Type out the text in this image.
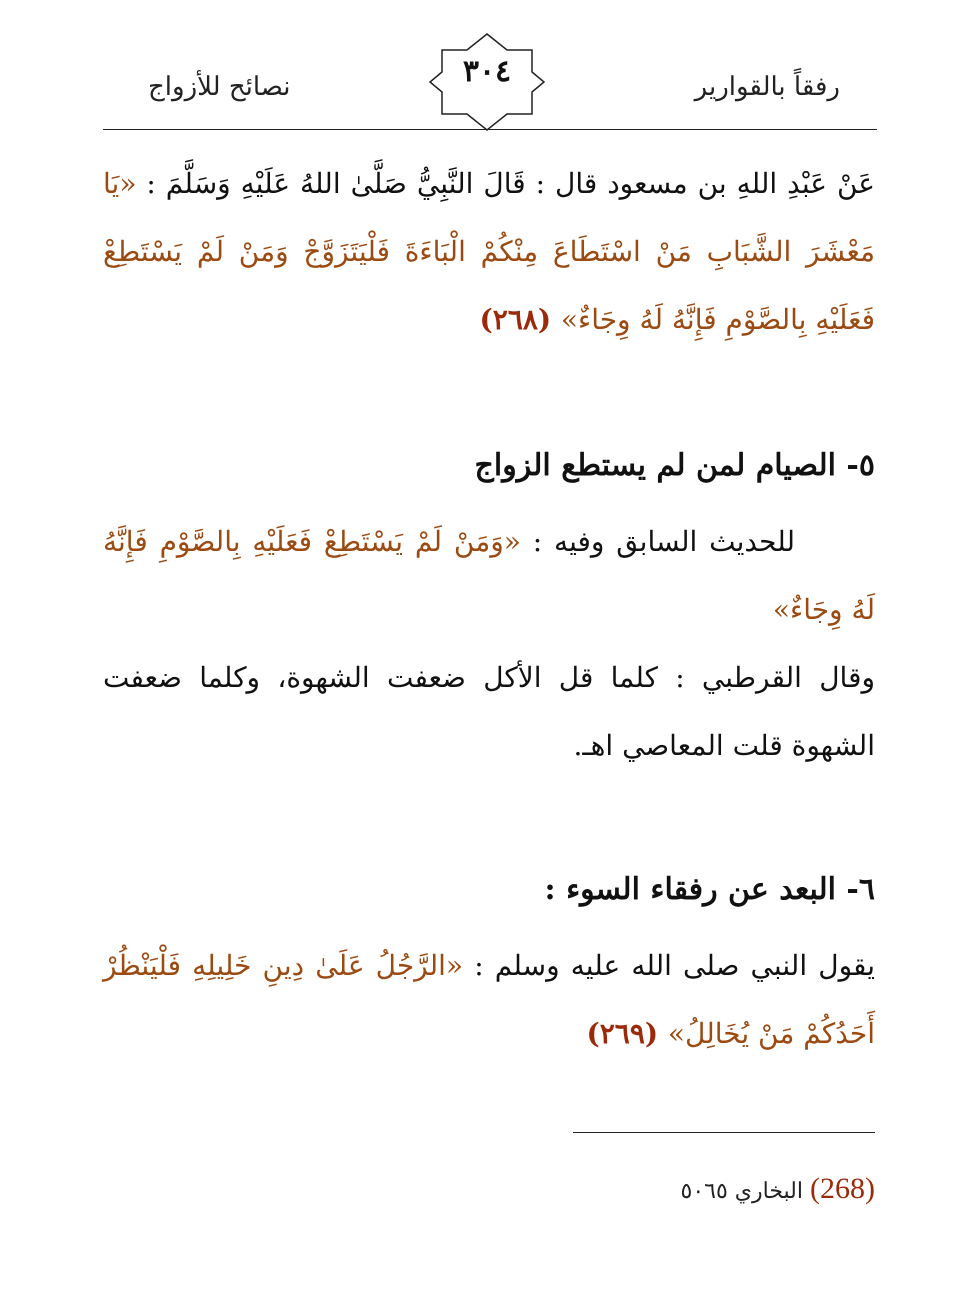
رفقاً بالقوارير
٣٠٤
نصائح للأزواج
عَنْ عَبْدِ اللهِ بن مسعود قال : قَالَ النَّبِيُّ صَلَّىٰ اللهُ عَلَيْهِ وَسَلَّمَ : «يَا مَعْشَرَ الشَّبَابِ مَنْ اسْتَطَاعَ مِنْكُمْ الْبَاءَةَ فَلْيَتَزَوَّجْ وَمَنْ لَمْ يَسْتَطِعْ فَعَلَيْهِ بِالصَّوْمِ فَإِنَّهُ لَهُ وِجَاءٌ» (٢٦٨)
٥- الصيام لمن لم يستطع الزواج
للحديث السابق وفيه : «وَمَنْ لَمْ يَسْتَطِعْ فَعَلَيْهِ بِالصَّوْمِ فَإِنَّهُ لَهُ وِجَاءٌ»
وقال القرطبي : كلما قل الأكل ضعفت الشهوة، وكلما ضعفت الشهوة قلت المعاصي اهـ.
٦- البعد عن رفقاء السوء :
يقول النبي صلى الله عليه وسلم : «الرَّجُلُ عَلَىٰ دِينِ خَلِيلِهِ فَلْيَنْظُرْ أَحَدُكُمْ مَنْ يُخَالِلُ» (٢٦٩)
(268) البخاري ٥٠٦٥
